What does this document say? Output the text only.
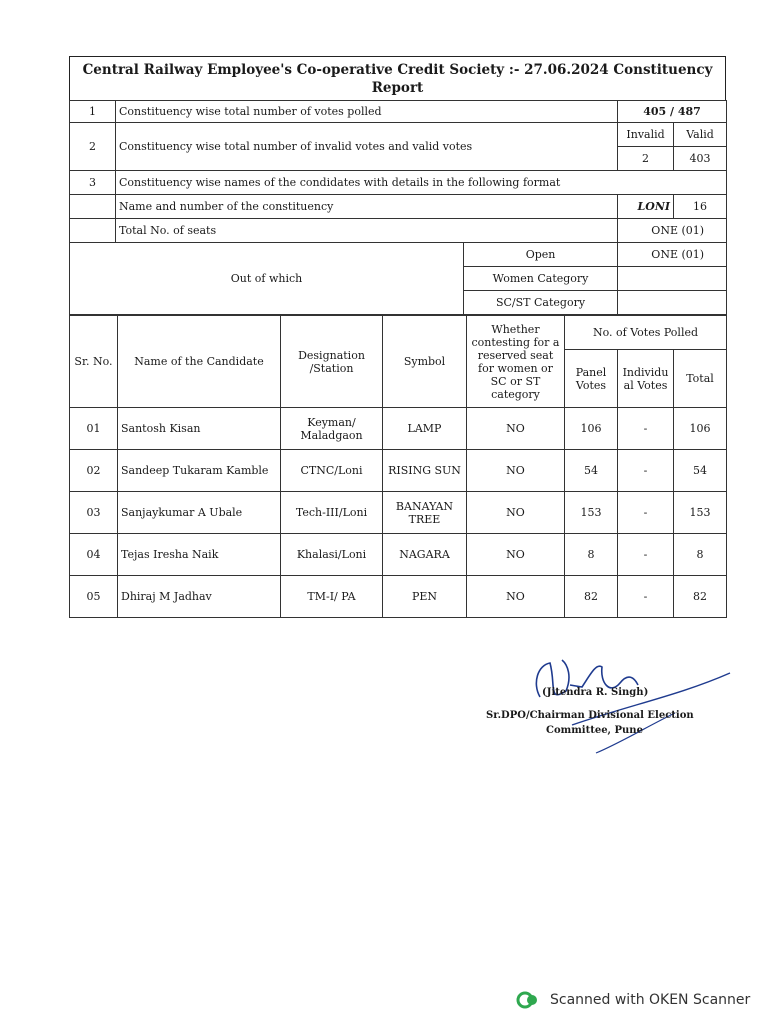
Central Railway Employee's Co-operative Credit Society :- 27.06.2024 Constituency Report
1	Constituency wise total number of votes polled		405 / 487	
2	Constituency wise total number of invalid votes and valid votes		Invalid	Valid
			2	403
3	Constituency wise names of the condidates with details in the following format			
	Name and number of the constituency		LONI	16
	Total No. of seats		ONE (01)	
Out of which		Open	ONE (01)	
		Women Category		
		SC/ST Category		
Sr. No.	Name of the Candidate	Designation /Station	Symbol	Whether contesting for a reserved seat for women or SC or ST category	No. of Votes Polled		
					Panel Votes	Individu al Votes	Total
01	Santosh Kisan	Keyman/ Maladgaon	LAMP	NO	106	-	106
02	Sandeep Tukaram Kamble	CTNC/Loni	RISING SUN	NO	54	-	54
03	Sanjaykumar A Ubale	Tech-III/Loni	BANAYAN TREE	NO	153	-	153
04	Tejas Iresha Naik	Khalasi/Loni	NAGARA	NO	8	-	8
05	Dhiraj M Jadhav	TM-I/ PA	PEN	NO	82	-	82
(Jitendra R. Singh)
Sr.DPO/Chairman Divisional Election
Committee, Pune
Scanned with OKEN Scanner
